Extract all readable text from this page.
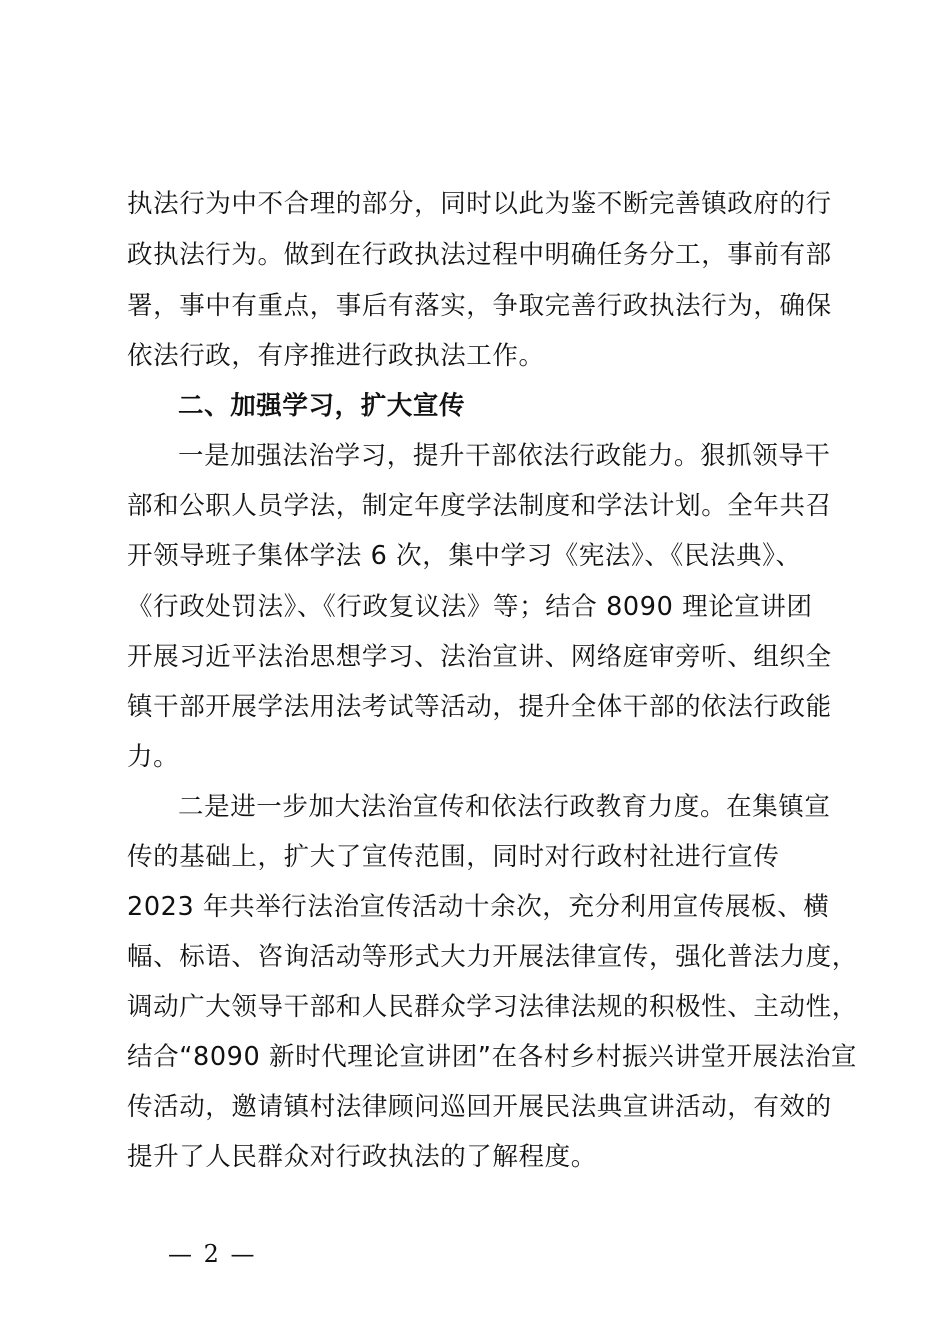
执法行为中不合理的部分，同时以此为鉴不断完善镇政府的行
政执法行为。做到在行政执法过程中明确任务分工，事前有部
署，事中有重点，事后有落实，争取完善行政执法行为，确保
依法行政，有序推进行政执法工作。
二、加强学习，扩大宣传
一是加强法治学习，提升干部依法行政能力。狠抓领导干
部和公职人员学法，制定年度学法制度和学法计划。全年共召
开领导班子集体学法 6 次，集中学习《宪法》、《民法典》、
《行政处罚法》、《行政复议法》等；结合 8090 理论宣讲团
开展习近平法治思想学习、法治宣讲、网络庭审旁听、组织全
镇干部开展学法用法考试等活动，提升全体干部的依法行政能
力。
二是进一步加大法治宣传和依法行政教育力度。在集镇宣
传的基础上，扩大了宣传范围，同时对行政村社进行宣传
2023 年共举行法治宣传活动十余次，充分利用宣传展板、横
幅、标语、咨询活动等形式大力开展法律宣传，强化普法力度，
调动广大领导干部和人民群众学习法律法规的积极性、主动性，
结合“8090 新时代理论宣讲团”在各村乡村振兴讲堂开展法治宣
传活动，邀请镇村法律顾问巡回开展民法典宣讲活动，有效的
提升了人民群众对行政执法的了解程度。
— 2 —
